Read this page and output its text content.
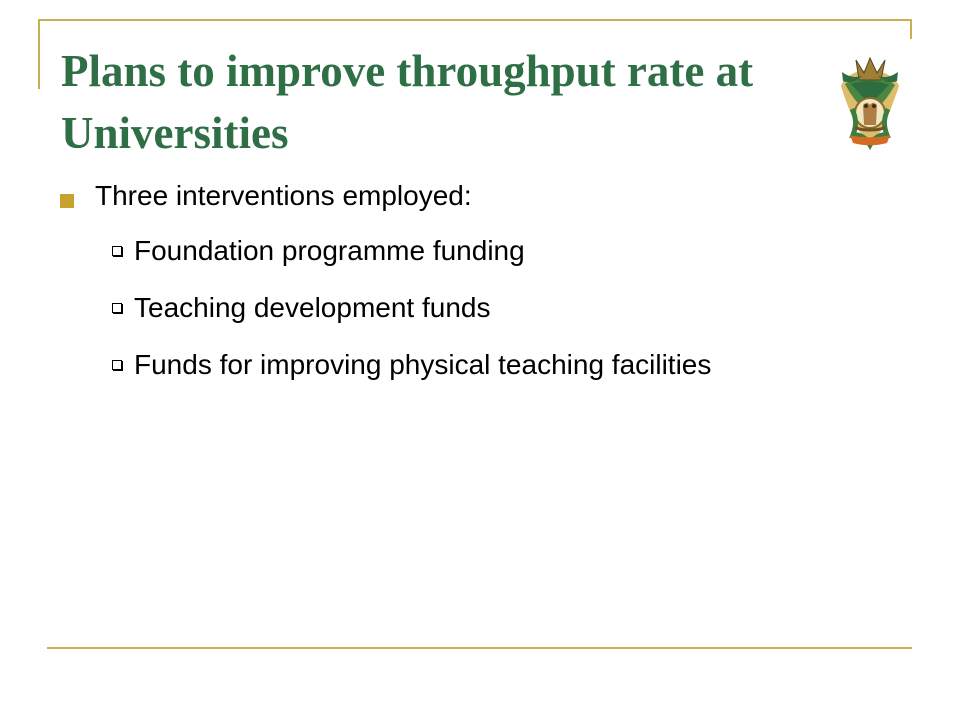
Plans to improve throughput rate at Universities
Three interventions employed:
Foundation programme funding
Teaching development funds
Funds for improving physical teaching facilities
